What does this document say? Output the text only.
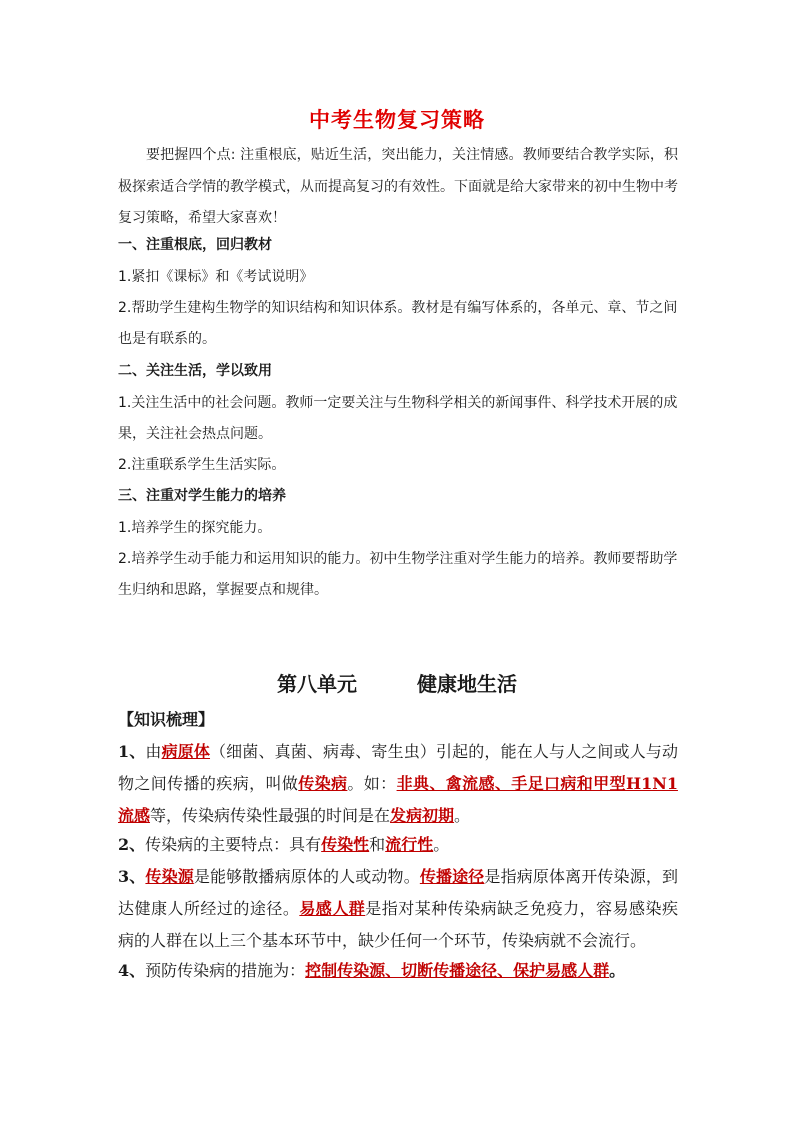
中考生物复习策略

要把握四个点: 注重根底，贴近生活，突出能力，关注情感。教师要结合教学实际，积极探索适合学情的教学模式，从而提高复习的有效性。下面就是给大家带来的初中生物中考复习策略，希望大家喜欢！

一、注重根底，回归教材

1.紧扣《课标》和《考试说明》

2.帮助学生建构生物学的知识结构和知识体系。教材是有编写体系的，各单元、章、节之间也是有联系的。

二、关注生活，学以致用

1.关注生活中的社会问题。教师一定要关注与生物科学相关的新闻事件、科学技术开展的成果，关注社会热点问题。

2.注重联系学生生活实际。

三、注重对学生能力的培养

1.培养学生的探究能力。

2.培养学生动手能力和运用知识的能力。初中生物学注重对学生能力的培养。教师要帮助学生归纳和思路，掌握要点和规律。

第八单元	健康地生活

【知识梳理】

1、由病原体（细菌、真菌、病毒、寄生虫）引起的，能在人与人之间或人与动物之间传播的疾病，叫做传染病。如：非典、禽流感、手足口病和甲型H1N1流感等，传染病传染性最强的时间是在发病初期。

2、传染病的主要特点：具有传染性和流行性。

3、传染源是能够散播病原体的人或动物。传播途径是指病原体离开传染源，到达健康人所经过的途径。易感人群是指对某种传染病缺乏免疫力，容易感染疾病的人群在以上三个基本环节中，缺少任何一个环节，传染病就不会流行。

4、预防传染病的措施为：控制传染源、切断传播途径、保护易感人群。
